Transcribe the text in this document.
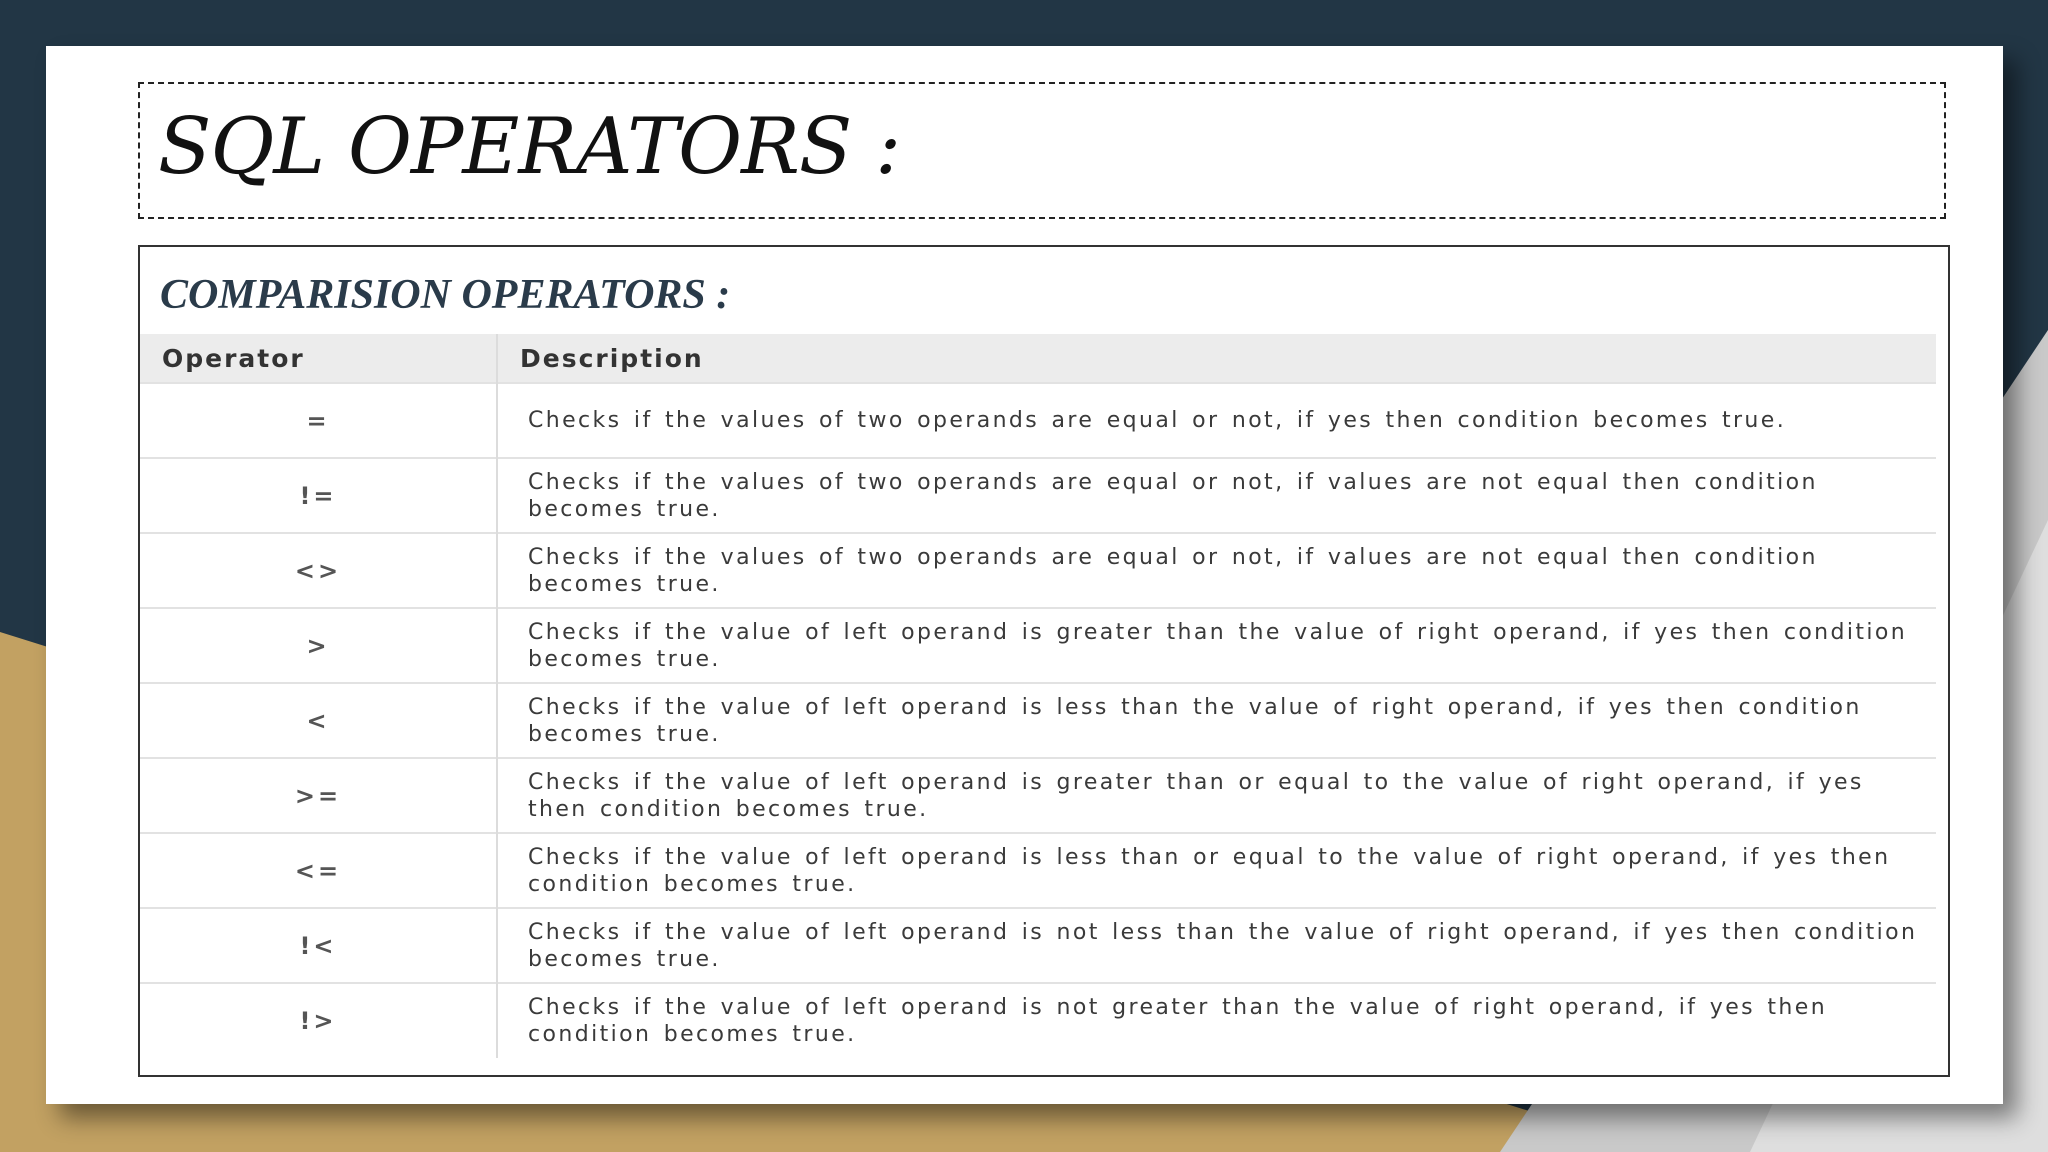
SQL OPERATORS :
COMPARISION OPERATORS :
Operator	Description
=	Checks if the values of two operands are equal or not, if yes then condition becomes true.
!=	Checks if the values of two operands are equal or not, if values are not equal then condition becomes true.
<>	Checks if the values of two operands are equal or not, if values are not equal then condition becomes true.
>	Checks if the value of left operand is greater than the value of right operand, if yes then condition becomes true.
<	Checks if the value of left operand is less than the value of right operand, if yes then condition becomes true.
>=	Checks if the value of left operand is greater than or equal to the value of right operand, if yes then condition becomes true.
<=	Checks if the value of left operand is less than or equal to the value of right operand, if yes then condition becomes true.
!<	Checks if the value of left operand is not less than the value of right operand, if yes then condition becomes true.
!>	Checks if the value of left operand is not greater than the value of right operand, if yes then condition becomes true.
